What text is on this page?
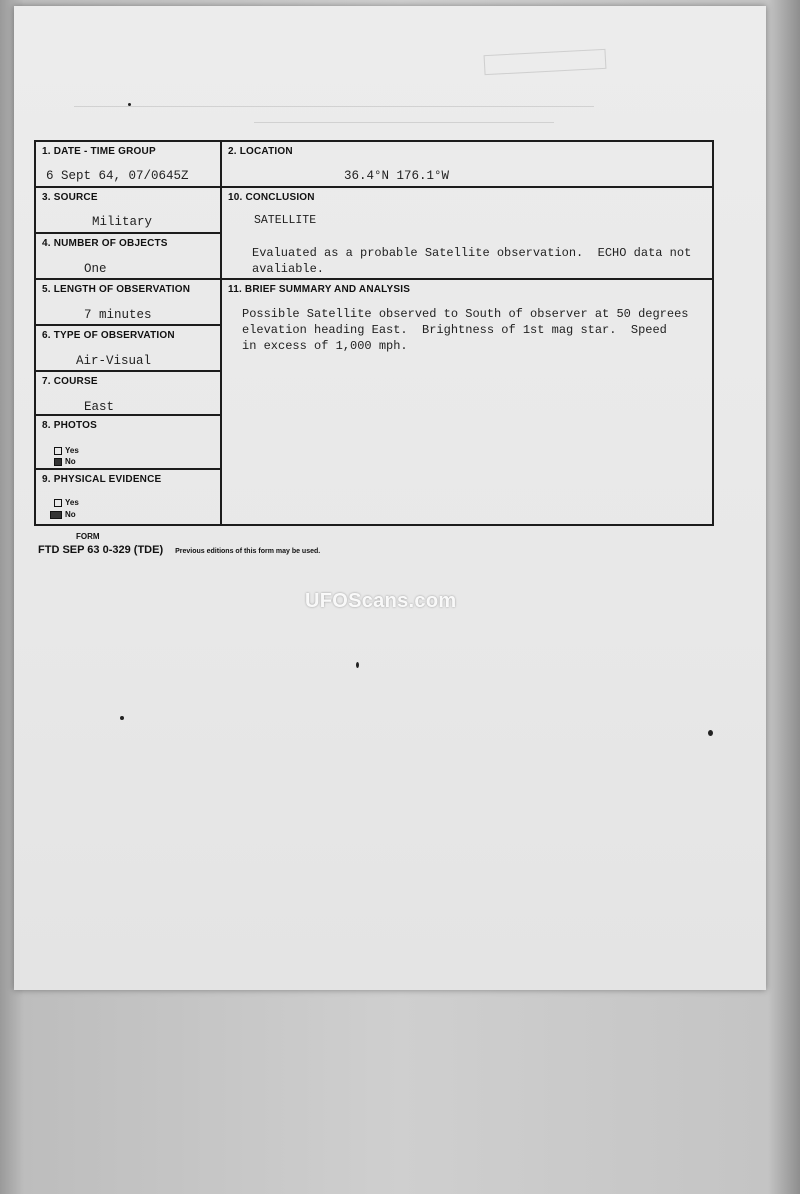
1. DATE - TIME GROUP
6 Sept 64, 07/0645Z
3. SOURCE
Military
4. NUMBER OF OBJECTS
One
5. LENGTH OF OBSERVATION
7 minutes
6. TYPE OF OBSERVATION
Air-Visual
7. COURSE
East
8. PHOTOS
Yes
No
9. PHYSICAL EVIDENCE
Yes
No
2. LOCATION
36.4°N 176.1°W
10. CONCLUSION
SATELLITE
Evaluated as a probable Satellite observation.  ECHO data not
avaliable.
11. BRIEF SUMMARY AND ANALYSIS
Possible Satellite observed to South of observer at 50 degrees
elevation heading East.  Brightness of 1st mag star.  Speed
in excess of 1,000 mph.
FORM
FTD SEP 63 0-329 (TDE) Previous editions of this form may be used.
UFOScans.com
